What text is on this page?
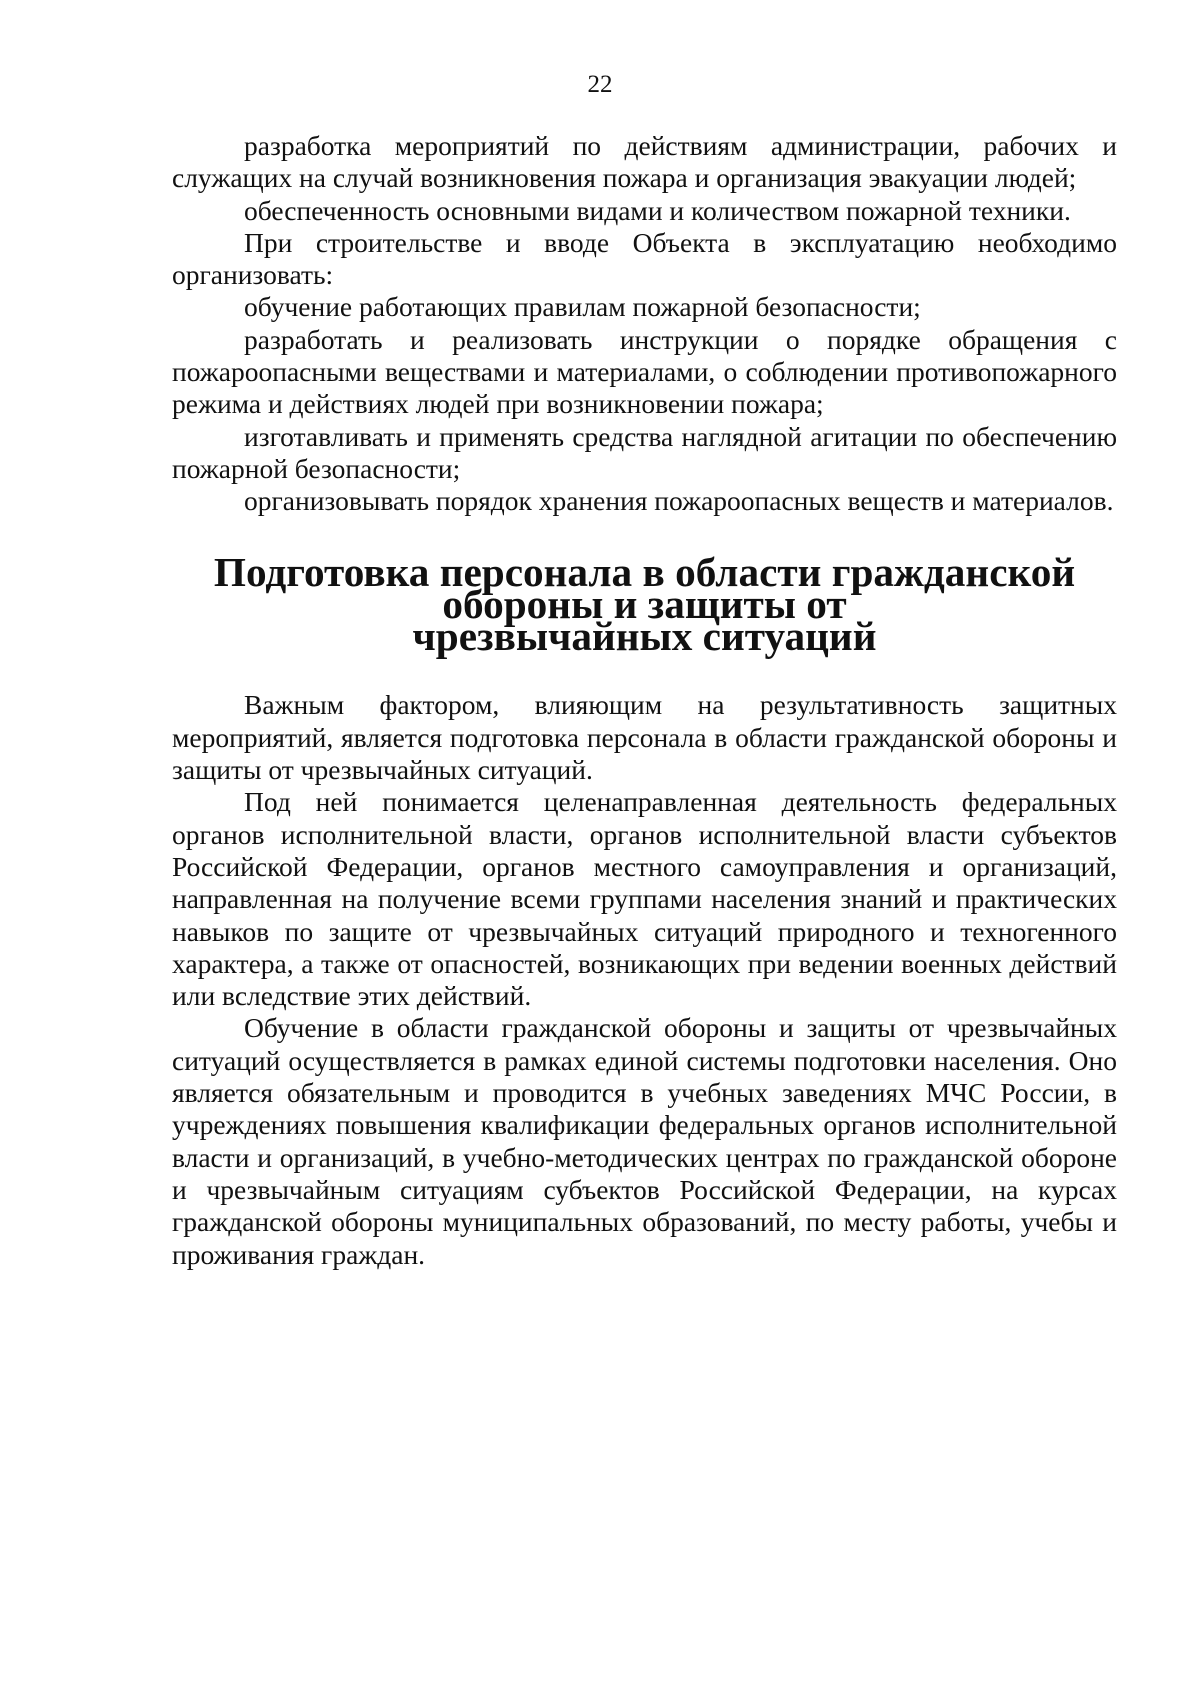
22

разработка мероприятий по действиям администрации, рабочих и служащих на случай возникновения пожара и организация эвакуации людей;

обеспеченность основными видами и количеством пожарной техники.

При строительстве и вводе Объекта в эксплуатацию необходимо организовать:

обучение работающих правилам пожарной безопасности;

разработать и реализовать инструкции о порядке обращения с пожароопасными веществами и материалами, о соблюдении противопожарного режима и действиях людей при возникновении пожара;

изготавливать и применять средства наглядной агитации по обеспечению пожарной безопасности;

организовывать порядок хранения пожароопасных веществ и материалов.

Подготовка персонала в области гражданской обороны и защиты от
чрезвычайных ситуаций

Важным фактором, влияющим на результативность защитных мероприятий, является подготовка персонала в области гражданской обороны и защиты от чрезвычайных ситуаций.

Под ней понимается целенаправленная деятельность федеральных органов исполнительной власти, органов исполнительной власти субъектов Российской Федерации, органов местного самоуправления и организаций, направленная на получение всеми группами населения знаний и практических навыков по защите от чрезвычайных ситуаций природного и техногенного характера, а также от опасностей, возникающих при ведении военных действий или вследствие этих действий.

Обучение в области гражданской обороны и защиты от чрезвычайных ситуаций осуществляется в рамках единой системы подготовки населения. Оно является обязательным и проводится в учебных заведениях МЧС России, в учреждениях повышения квалификации федеральных органов исполнительной власти и организаций, в учебно-методических центрах по гражданской обороне и чрезвычайным ситуациям субъектов Российской Федерации, на курсах гражданской обороны муниципальных образований, по месту работы, учебы и проживания граждан.
